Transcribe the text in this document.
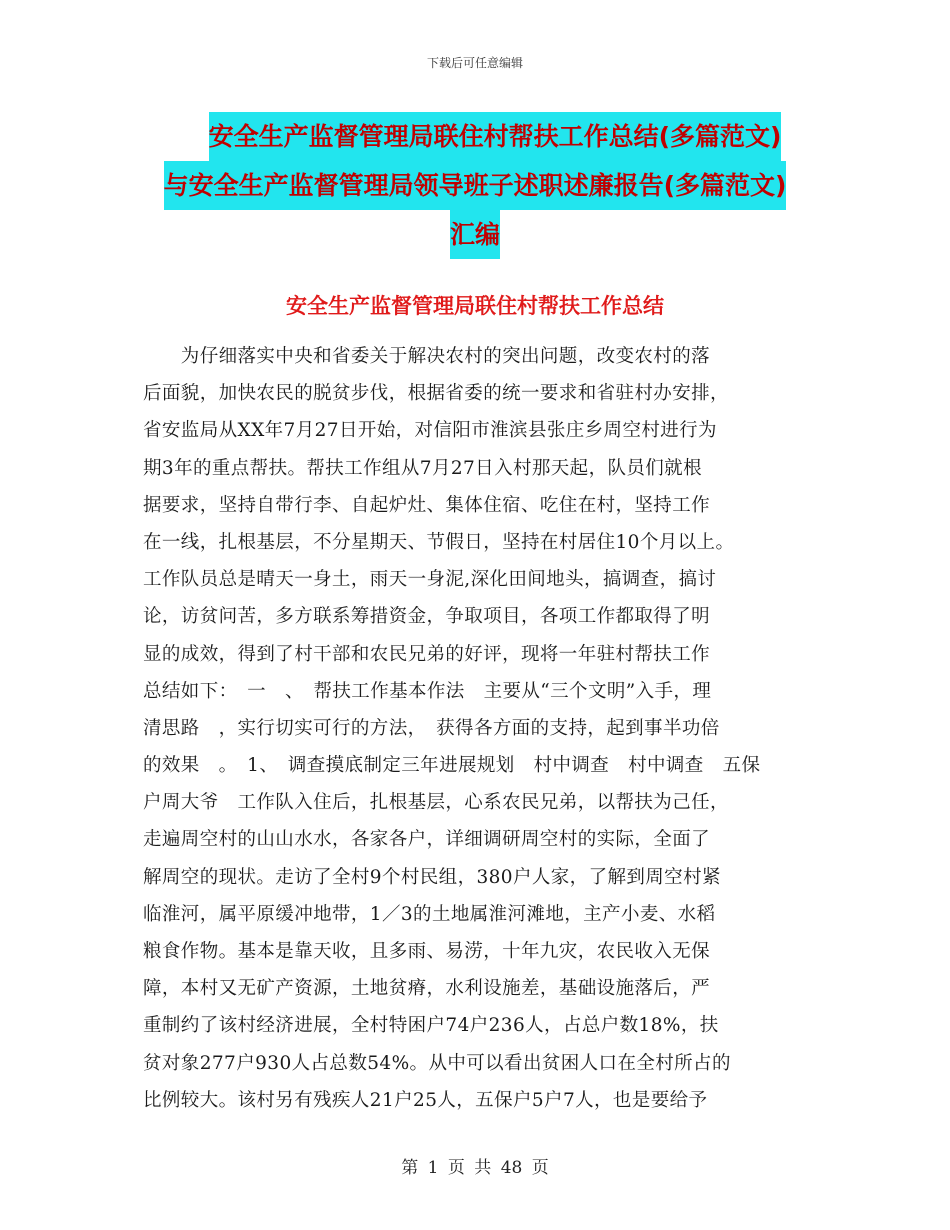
下载后可任意编辑
安全生产监督管理局联住村帮扶工作总结(多篇范文)
与安全生产监督管理局领导班子述职述廉报告(多篇范文)
汇编
安全生产监督管理局联住村帮扶工作总结
　　为仔细落实中央和省委关于解决农村的突出问题，改变农村的落
后面貌，加快农民的脱贫步伐，根据省委的统一要求和省驻村办安排，
省安监局从XX年7月27日开始，对信阳市淮滨县张庄乡周空村进行为
期3年的重点帮扶。帮扶工作组从7月27日入村那天起，队员们就根
据要求，坚持自带行李、自起炉灶、集体住宿、吃住在村，坚持工作
在一线，扎根基层，不分星期天、节假日，坚持在村居住10个月以上。
工作队员总是晴天一身土，雨天一身泥,深化田间地头，搞调查，搞讨
论，访贫问苦，多方联系筹措资金，争取项目，各项工作都取得了明
显的成效，得到了村干部和农民兄弟的好评，现将一年驻村帮扶工作
总结如下：　一　、　帮扶工作基本作法　主要从“三个文明”入手，理
清思路　，实行切实可行的方法，　获得各方面的支持，起到事半功倍
的效果　。　1、　调查摸底制定三年进展规划　村中调查　村中调查　五保
户周大爷　工作队入住后，扎根基层，心系农民兄弟，以帮扶为己任，
走遍周空村的山山水水，各家各户，详细调研周空村的实际，全面了
解周空的现状。走访了全村9个村民组，380户人家，了解到周空村紧
临淮河，属平原缓冲地带，1／3的土地属淮河滩地，主产小麦、水稻
粮食作物。基本是靠天收，且多雨、易涝，十年九灾，农民收入无保
障，本村又无矿产资源，土地贫瘠，水利设施差，基础设施落后，严
重制约了该村经济进展，全村特困户74户236人，占总户数18%，扶
贫对象277户930人占总数54%。从中可以看出贫困人口在全村所占的
比例较大。该村另有残疾人21户25人，五保户5户7人，也是要给予
第 1 页 共 48 页
